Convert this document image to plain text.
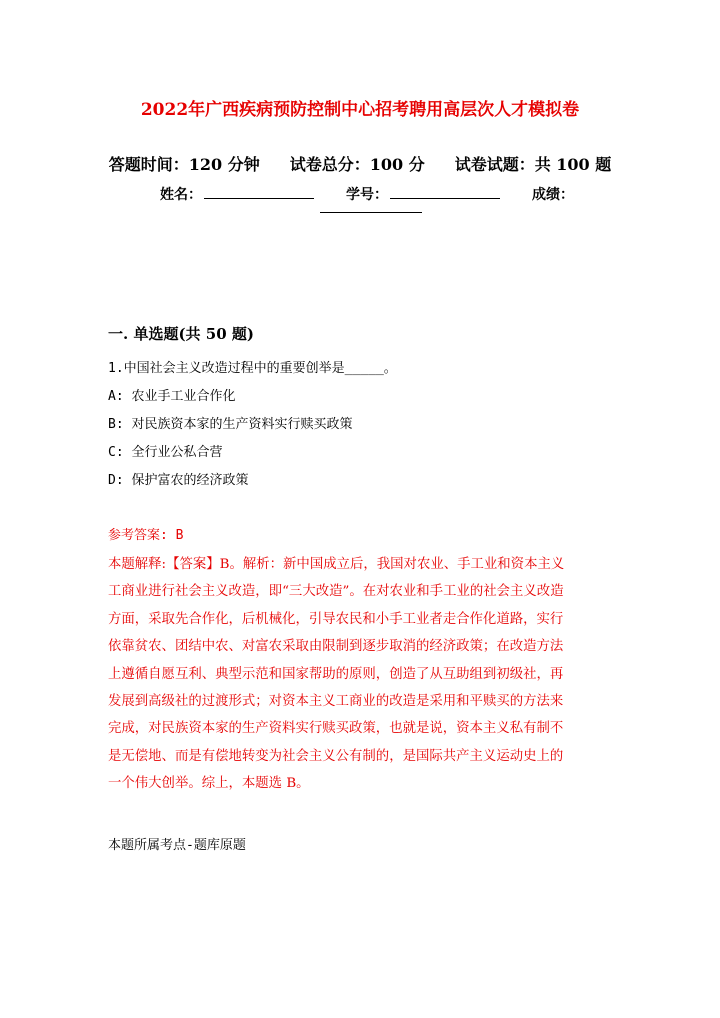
2022年广西疾病预防控制中心招考聘用高层次人才模拟卷
答题时间：120 分钟 试卷总分：100 分 试卷试题：共 100 题
姓名：	学号：	成绩：
一. 单选题(共 50 题)
1.中国社会主义改造过程中的重要创举是_____。
A: 农业手工业合作化
B: 对民族资本家的生产资料实行赎买政策
C: 全行业公私合营
D: 保护富农的经济政策
参考答案: B
本题解释:【答案】B。解析：新中国成立后，我国对农业、手工业和资本主义
工商业进行社会主义改造，即“三大改造”。在对农业和手工业的社会主义改造
方面，采取先合作化，后机械化，引导农民和小手工业者走合作化道路，实行
依靠贫农、团结中农、对富农采取由限制到逐步取消的经济政策；在改造方法
上遵循自愿互利、典型示范和国家帮助的原则，创造了从互助组到初级社，再
发展到高级社的过渡形式；对资本主义工商业的改造是采用和平赎买的方法来
完成，对民族资本家的生产资料实行赎买政策，也就是说，资本主义私有制不
是无偿地、而是有偿地转变为社会主义公有制的，是国际共产主义运动史上的
一个伟大创举。综上，本题选 B。
本题所属考点-题库原题
